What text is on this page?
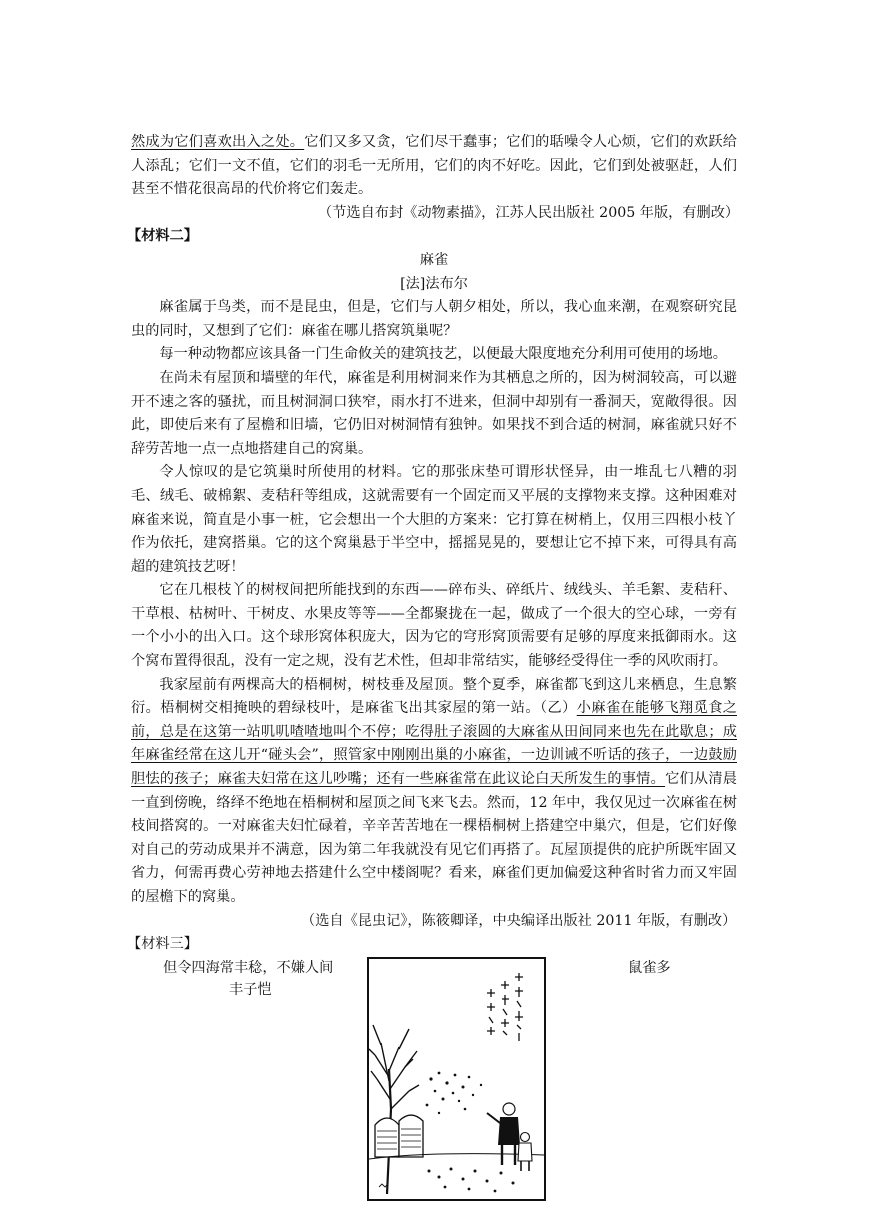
然成为它们喜欢出入之处。它们又多又贪，它们尽干蠢事；它们的聒噪令人心烦，它们的欢跃给人添乱；它们一文不值，它们的羽毛一无所用，它们的肉不好吃。因此，它们到处被驱赶，人们甚至不惜花很高昂的代价将它们轰走。

（节选自布封《动物素描》，江苏人民出版社 2005 年版，有删改）

【材料二】

麻雀

[法]法布尔

麻雀属于鸟类，而不是昆虫，但是，它们与人朝夕相处，所以，我心血来潮，在观察研究昆虫的同时，又想到了它们：麻雀在哪儿搭窝筑巢呢？

每一种动物都应该具备一门生命攸关的建筑技艺，以便最大限度地充分利用可使用的场地。

在尚未有屋顶和墙壁的年代，麻雀是利用树洞来作为其栖息之所的，因为树洞较高，可以避开不速之客的骚扰，而且树洞洞口狭窄，雨水打不进来，但洞中却别有一番洞天，宽敞得很。因此，即使后来有了屋檐和旧墙，它仍旧对树洞情有独钟。如果找不到合适的树洞，麻雀就只好不辞劳苦地一点一点地搭建自己的窝巢。

令人惊叹的是它筑巢时所使用的材料。它的那张床垫可谓形状怪异，由一堆乱七八糟的羽毛、绒毛、破棉絮、麦秸秆等组成，这就需要有一个固定而又平展的支撑物来支撑。这种困难对麻雀来说，简直是小事一桩，它会想出一个大胆的方案来：它打算在树梢上，仅用三四根小枝丫作为依托，建窝搭巢。它的这个窝巢悬于半空中，摇摇晃晃的，要想让它不掉下来，可得具有高超的建筑技艺呀！

它在几根枝丫的树杈间把所能找到的东西——碎布头、碎纸片、绒线头、羊毛絮、麦秸秆、干草根、枯树叶、干树皮、水果皮等等——全都聚拢在一起，做成了一个很大的空心球，一旁有一个小小的出入口。这个球形窝体积庞大，因为它的穹形窝顶需要有足够的厚度来抵御雨水。这个窝布置得很乱，没有一定之规，没有艺术性，但却非常结实，能够经受得住一季的风吹雨打。

我家屋前有两棵高大的梧桐树，树枝垂及屋顶。整个夏季，麻雀都飞到这儿来栖息，生息繁衍。梧桐树交相掩映的碧绿枝叶，是麻雀飞出其家屋的第一站。（乙）小麻雀在能够飞翔觅食之前，总是在这第一站叽叽喳喳地叫个不停；吃得肚子滚圆的大麻雀从田间同来也先在此歇息；成年麻雀经常在这儿开“碰头会”，照管家中刚刚出巢的小麻雀，一边训诫不听话的孩子，一边鼓励胆怯的孩子；麻雀夫妇常在这儿吵嘴；还有一些麻雀常在此议论白天所发生的事情。它们从清晨一直到傍晚，络绎不绝地在梧桐树和屋顶之间飞来飞去。然而，12 年中，我仅见过一次麻雀在树枝间搭窝的。一对麻雀夫妇忙碌着，辛辛苦苦地在一棵梧桐树上搭建空中巢穴，但是，它们好像对自己的劳动成果并不满意，因为第二年我就没有见它们再搭了。瓦屋顶提供的庇护所既牢固又省力，何需再费心劳神地去搭建什么空中楼阁呢？看来，麻雀们更加偏爱这种省时省力而又牢固的屋檐下的窝巢。

（选自《昆虫记》，陈筱卿译，中央编译出版社 2011 年版，有删改）

【材料三】

但令四海常丰稔，不嫌人间
丰子恺
鼠雀多
